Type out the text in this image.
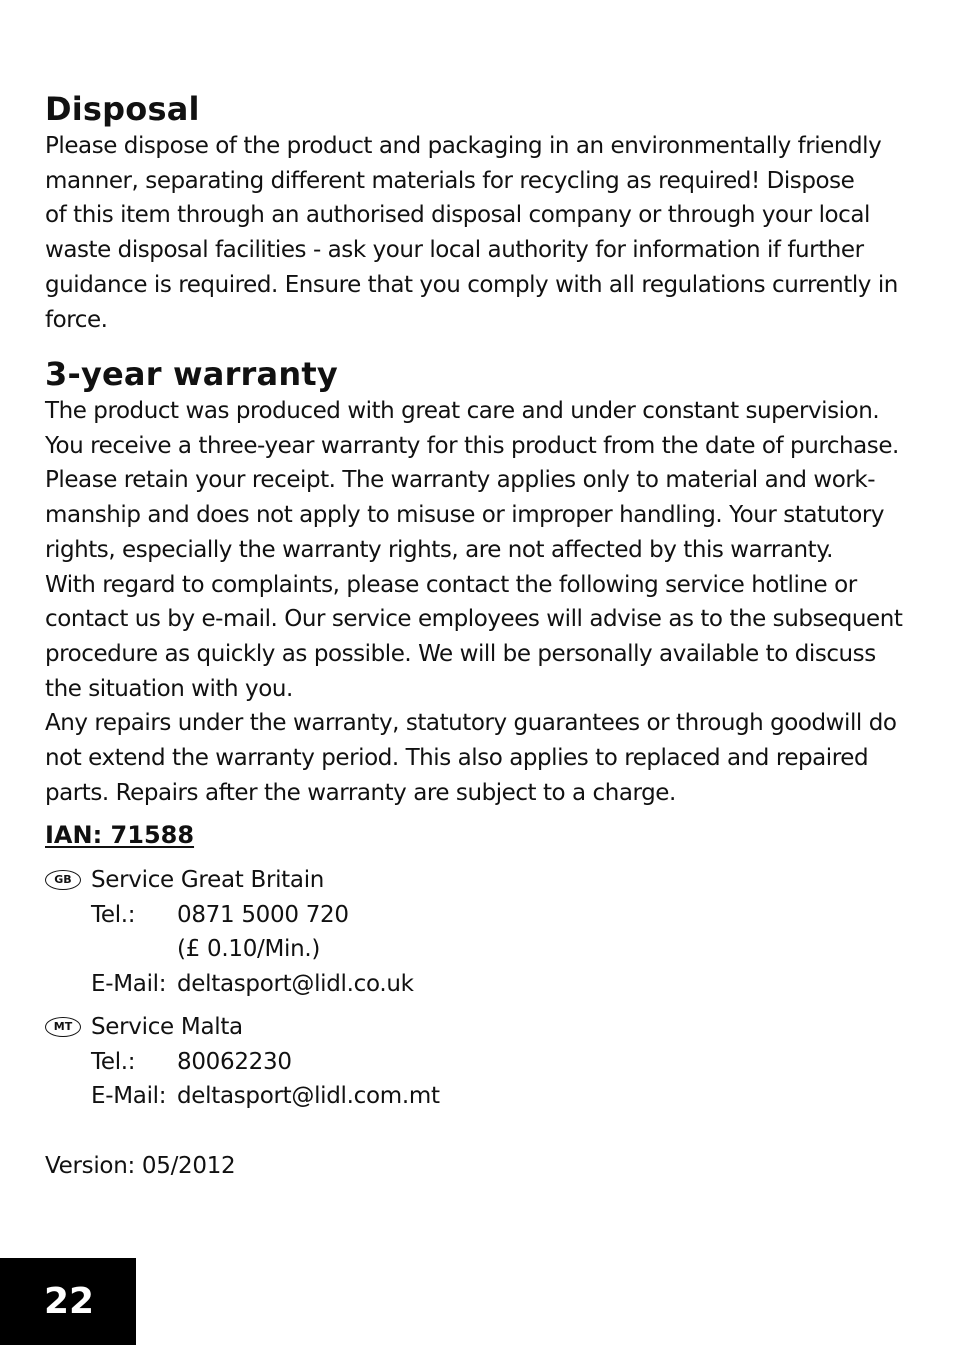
Disposal
Please dispose of the product and packaging in an environmentally friendly
manner, separating different materials for recycling as required! Dispose
of this item through an authorised disposal company or through your local
waste disposal facilities - ask your local authority for information if further
guidance is required. Ensure that you comply with all regulations currently in
force.
3-year warranty
The product was produced with great care and under constant supervision.
You receive a three-year warranty for this product from the date of purchase.
Please retain your receipt. The warranty applies only to material and work-
manship and does not apply to misuse or improper handling. Your statutory
rights, especially the warranty rights, are not affected by this warranty.
With regard to complaints, please contact the following service hotline or
contact us by e-mail. Our service employees will advise as to the subsequent
procedure as quickly as possible. We will be personally available to discuss
the situation with you.
Any repairs under the warranty, statutory guarantees or through goodwill do
not extend the warranty period. This also applies to replaced and repaired
parts. Repairs after the warranty are subject to a charge.
IAN: 71588
GB Service Great Britain
Tel.: 0871 5000 720
(£ 0.10/Min.)
E-Mail: deltasport@lidl.co.uk
MT Service Malta
Tel.: 80062230
E-Mail: deltasport@lidl.com.mt
Version: 05/2012
22
